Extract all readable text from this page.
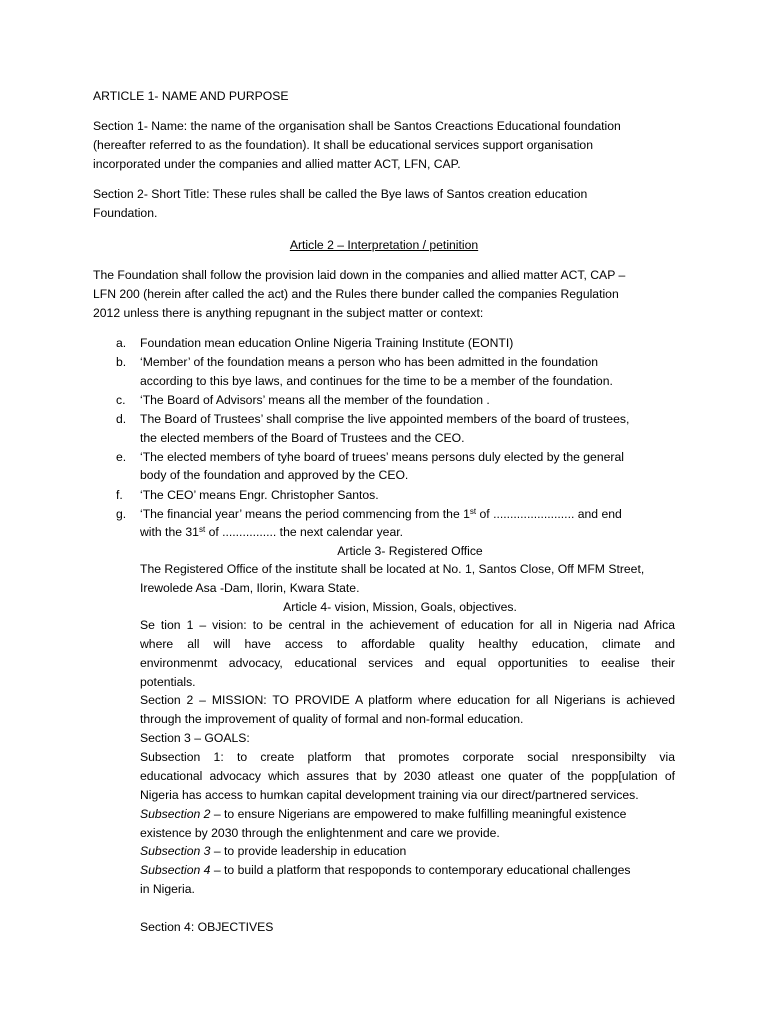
ARTICLE 1- NAME AND PURPOSE
Section 1- Name: the name of the organisation shall be Santos Creactions Educational foundation
(hereafter referred to as the foundation). It shall be educational services support organisation
incorporated under the companies and allied matter ACT, LFN, CAP.
Section 2- Short Title: These rules shall be called the Bye laws of Santos creation education
Foundation.
Article 2 – Interpretation / petinition
The Foundation shall follow the provision laid down in the companies and allied matter ACT, CAP –
LFN 200 (herein after called the act) and the Rules there bunder called the companies Regulation
2012 unless there is anything repugnant in the subject matter or context:
a. Foundation mean education Online Nigeria Training Institute (EONTI)
b. ‘Member’ of the foundation means a person who has been admitted in the foundation
according to this bye laws, and continues for the time to be a member of the foundation.
c. ‘The Board of Advisors’ means all the member of the foundation .
d. The Board of Trustees’ shall comprise the live appointed members of the board of trustees,
the elected members of the Board of Trustees and the CEO.
e. ‘The elected members of tyhe board of truees’ means persons duly elected by the general
body of the foundation and approved by the CEO.
f. ‘The CEO’ means Engr. Christopher Santos.
g. ‘The financial year’ means the period commencing from the 1st of ........................ and end
with the 31st of ................ the next calendar year.
Article 3- Registered Office
The Registered Office of the institute shall be located at No. 1, Santos Close, Off MFM Street,
Irewolede Asa -Dam, Ilorin, Kwara State.
Article 4- vision, Mission, Goals, objectives.
Se tion 1 – vision: to be central in the achievement of education for all in Nigeria nad Africa
where all will have access to affordable quality healthy education, climate and
environmenmt advocacy, educational services and equal opportunities to eealise their
potentials.
Section 2 – MISSION: TO PROVIDE A platform where education for all Nigerians is achieved
through the improvement of quality of formal and non-formal education.
Section 3 – GOALS:
Subsection 1: to create platform that promotes corporate social nresponsibilty via
educational advocacy which assures that by 2030 atleast one quater of the popp[ulation of
Nigeria has access to humkan capital development training via our direct/partnered services.
Subsection 2 – to ensure Nigerians are empowered to make fulfilling meaningful existence
existence by 2030 through the enlightenment and care we provide.
Subsection 3 – to provide leadership in education
Subsection 4 – to build a platform that respoponds to contemporary educational challenges
in Nigeria.
Section 4: OBJECTIVES
